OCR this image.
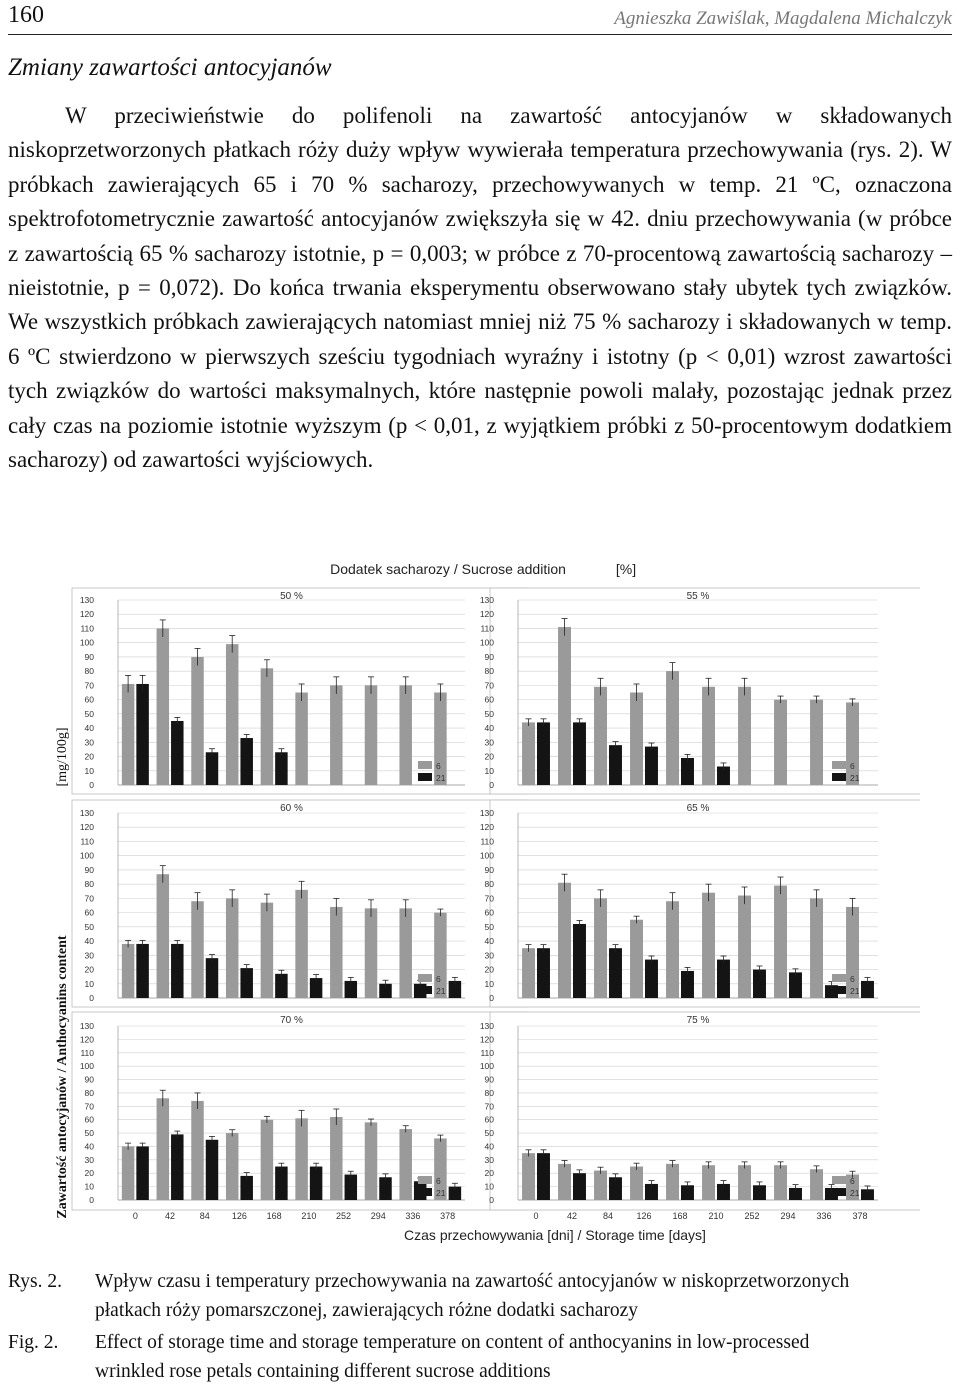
160	Agnieszka Zawiślak, Magdalena Michalczyk
Zmiany zawartości antocyjanów

W przeciwieństwie do polifenoli na zawartość antocyjanów w składowanych niskoprzetworzonych płatkach róży duży wpływ wywierała temperatura przechowywania (rys. 2). W próbkach zawierających 65 i 70 % sacharozy, przechowywanych w temp. 21 ºC, oznaczona spektrofotometrycznie zawartość antocyjanów zwiększyła się w 42. dniu przechowywania (w próbce z zawartością 65 % sacharozy istotnie, p = 0,003; w próbce z 70-procentową zawartością sacharozy – nieistotnie, p = 0,072). Do końca trwania eksperymentu obserwowano stały ubytek tych związków. We wszystkich próbkach zawierających natomiast mniej niż 75 % sacharozy i składowanych w temp. 6 ºC stwierdzono w pierwszych sześciu tygodniach wyraźny i istotny (p < 0,01) wzrost zawartości tych związków do wartości maksymalnych, które następnie powoli malały, pozostając jednak przez cały czas na poziomie istotnie wyższym (p < 0,01, z wyjątkiem próbki z 50-procentowym dodatkiem sacharozy) od zawartości wyjściowych.

Dodatek sacharozy / Sucrose addition	[%]
[mg/100g]
Zawartość antocyjanów / Anthocyanins content
Czas przechowywania [dni] / Storage time [days]
50 %
0
10
20
30
40
50
60
70
80
90
100
110
120
130
6
21
55 %
0
10
20
30
40
50
60
70
80
90
100
110
120
130
6
21
60 %
0
10
20
30
40
50
60
70
80
90
100
110
120
130
6
21
65 %
0
10
20
30
40
50
60
70
80
90
100
110
120
130
6
21
70 %
0
10
20
30
40
50
60
70
80
90
100
110
120
130
6
21
0	42	84 126 168 210 252 294 336 378
75 %
0
10
20
30
40
50
60
70
80
90
100
110
120
130
6
21
0	42	84	126 168 210 252 294 336 378
Rys. 2. Wpływ czasu i temperatury przechowywania na zawartość antocyjanów w niskoprzetworzonych
płatkach róży pomarszczonej, zawierających różne dodatki sacharozy
Fig. 2. Effect of storage time and storage temperature on content of anthocyanins in low-processed
wrinkled rose petals containing different sucrose additions
